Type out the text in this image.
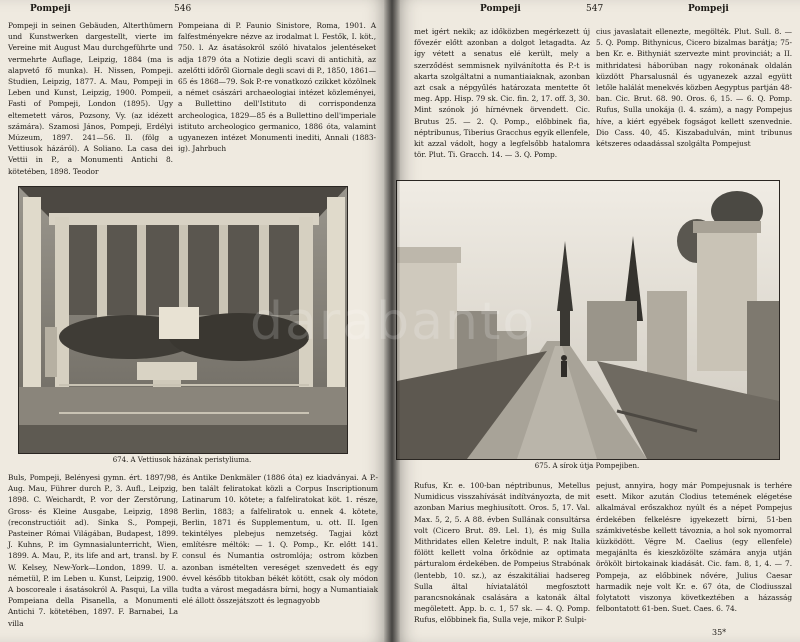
Pompeji	546
Pompeji in seinen Gebäuden, Alterthümern und Kunstwerken dargestellt, vierte im Vereine mit August Mau durchgeführte und vermehrte Auflage, Leipzig, 1884 (ma is alapvető fő munka). H. Nissen, Pompeji. Studien, Leipzig, 1877. A. Mau, Pompeji in Leben und Kunst, Leipzig, 1900. Pompeii, Fasti of Pompeji, London (1895). Ugy eltemetett város, Pozsony, Vy. (az idézett számára). Szamosi János, Pompeji, Erdélyi Múzeum, 1897. 241—56. Il. (fölg a Vettiusok házáról). A Soliano. La casa dei Vettii in P., a Monumenti Antichi 8. kötetében, 1898. Teodor
Pompeiana di P. Faunio Sinistore, Roma, 1901. A falfestményekre nézve az irodalmat l. Festők, I. köt., 750. l. Az ásatásokról szóló hivatalos jelentéseket adja 1879 óta a Notizie degli scavi di antichità, az azelőtti időről Giornale degli scavi di P., 1850, 1861—65 és 1868—79. Sok P.-re vonatkozó czikket közölnek a német császári archaeologiai intézet közleményei, a Bullettino dell'Istituto di corrispondenza archeologica, 1829—85 és a Bullettino dell'imperiale istituto archeologico germanico, 1886 óta, valamint ugyanezen intézet Monumenti inediti, Annali (1883-ig). Jahrbuch
674. A Vettiusok házának peristyliuma.
Buls, Pompeji, Belényesi gymn. ért. 1897/98, Aug. Mau, Führer durch P., 3. Aufl., Leipzig, 1898. C. Weichardt, P. vor der Zerstörung, Gross- és Kleine Ausgabe, Leipzig, 1898 (reconstructióit ad). Sinka S., Pompeji, Pasteiner Római Világában, Budapest, 1899. J. Kuhns, P. im Gymnasialunterricht, Wien, 1899. A. Mau, P., its life and art, transl. by F. W. Kelsey, New-York—London, 1899. U. a. németül, P. im Leben u. Kunst, Leipzig, 1900. A boscoreale i ásatásokról A. Pasqui, La villa Pompeiana della Pisanella, a Monumenti Antichi 7. kötetében, 1897. F. Barnabei, La villa
és Antike Denkmäler (1886 óta) ez kiadványai. A P.-ben talált feliratokat közli a Corpus Inscriptionum Latinarum 10. kötete; a falfeliratokat köt. 1. része, Berlin, 1883; a falfeliratok u. ennek 4. kötete, Berlin, 1871 és Supplementum, u. ott. II. Igen tekintélyes plebejus nemzetség. Tagjai közt említésre méltók: — 1. Q. Pomp., Kr. előtt 141. consul és Numantia ostromlója; ostrom közben azonban ismételten vereséget szenvedett és egy évvel később titokban békét kötött, csak oly módon tudta a várost megadásra bírni, hogy a Numantiaiak elé állott összejátszott és legnagyobb
Pompeji	547	Pompeji
met igért nekik; az időközben megérkezett új fővezér előtt azonban a dolgot letagadta. Az így vétett a senatus elé került, mely a szerződést semmisnek nyilvánította és P.-t is akarta szolgáltatni a numantiaiaknak, azonban azt csak a népgyűlés határozata mentette őt meg. App. Hisp. 79 sk. Cic. fin. 2, 17. off. 3, 30. Mint szónok jó hírnévnek örvendett. Cic. Brutus 25. — 2. Q. Pomp., előbbinek fia, néptribunus, Tiberius Gracchus egyik ellenfele, kit azzal vádolt, hogy a legfelsőbb hatalomra tör. Plut. Ti. Gracch. 14. — 3. Q. Pomp.
cius javaslatait ellenezte, megölték. Plut. Sull. 8. — 5. Q. Pomp. Bithynicus, Cicero bizalmas barátja; 75-ben Kr. e. Bithyniát szervezte mint provinciát; a II. mithridatesi háborúban nagy rokonának oldalán küzdött Pharsalusnál és ugyanezek azzal együtt letőle halálát menekvés közben Aegyptus partján 48-ban. Cic. Brut. 68. 90. Oros. 6, 15. — 6. Q. Pomp. Rufus, Sulla unokája (l. 4. szám), a nagy Pompejus híve, a kiért egyébek fogságot kellett szenvednie. Dio Cass. 40, 45. Kiszabadulván, mint tribunus kétszeres odaadással szolgálta Pompejust
675. A sírok útja Pompejiben.
Rufus, Kr. e. 100-ban néptribunus, Metellus Numidicus visszahívását indítványozta, de mit azonban Marius meghiusított. Oros. 5, 17. Val. Max. 5, 2, 5. A 88. évben Sullának consultársa volt (Cicero Brut. 89. Lel. 1), és mig Sulla Mithridates ellen Keletre indult, P. nak Italia fölött kellett volna őrködnie az optimata párturalom érdekében. de Pompeius Strabónak (lentebb, 10. sz.), az északitáliai hadsereg Sulla által híviatalától megfosztott parancsnokának csalására a katonák által megöletett. App. b. c. 1, 57 sk. — 4. Q. Pomp. Rufus, előbbinek fia, Sulla veje, mikor P. Sulpi-
pejust, annyira, hogy már Pompejusnak is terhére esett. Mikor azután Clodius tetemének elégetése alkalmával erőszakhoz nyúlt és a népet Pompejus érdekében felkelésre igyekezett bírni, 51-ben számkivetésbe kellett távoznia, a hol sok nyomorral küzködött. Végre M. Caelius (egy ellenfele) megajánlta és kieszközölte számára anyja utján örökölt birtokainak kiadását. Cic. fam. 8, 1, 4. — 7. Pompeja, az előbbinek nővére, Julius Caesar harmadik neje volt Kr. e. 67 óta, de Clodiusszal folytatott viszonya következtében a házasság felbontatott 61-ben. Suet. Caes. 6. 74.
35*
